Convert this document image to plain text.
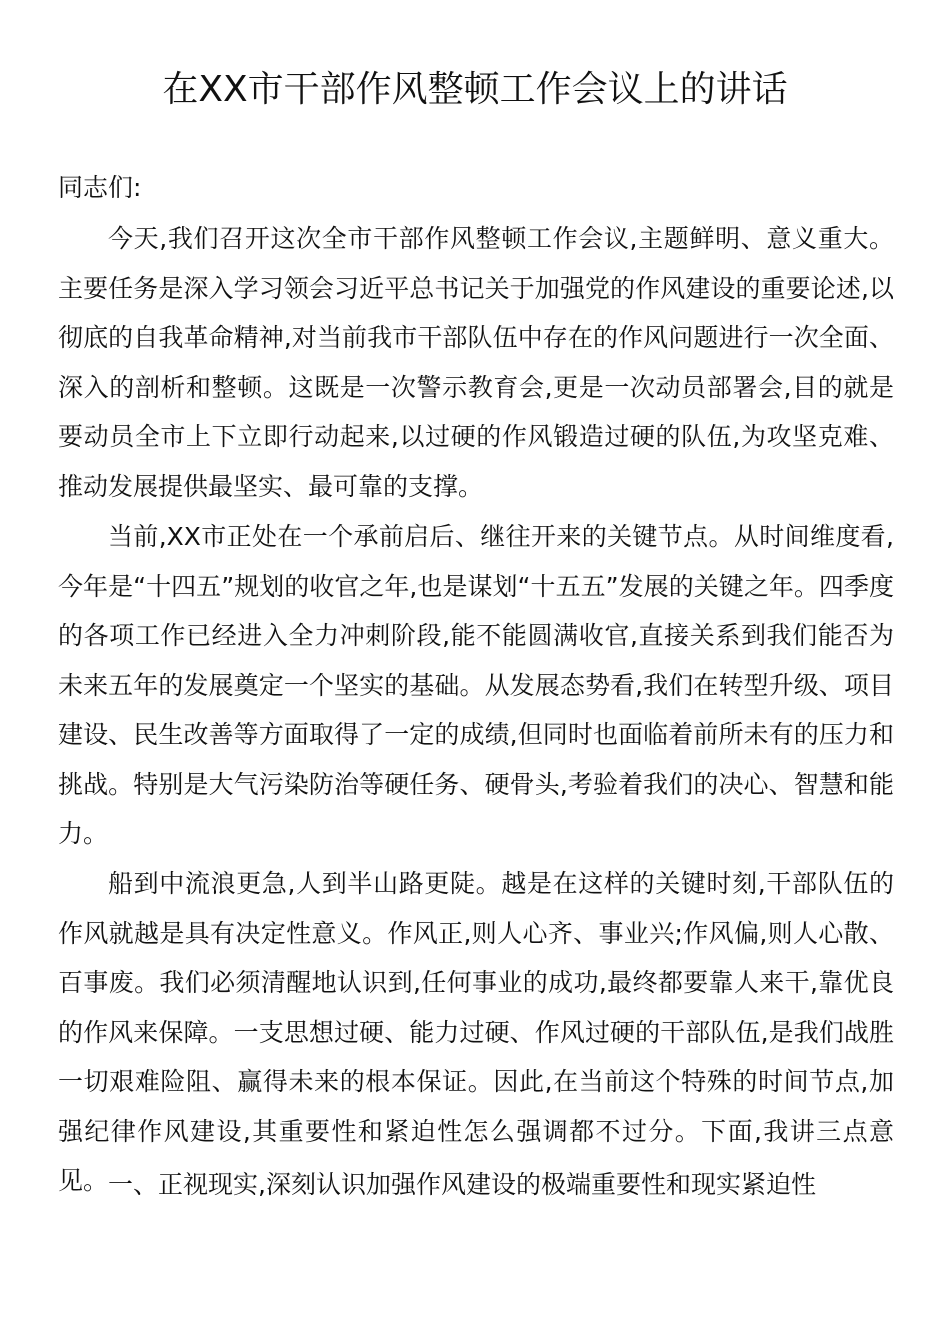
在XX市干部作风整顿工作会议上的讲话

同志们:

今天,我们召开这次全市干部作风整顿工作会议,主题鲜明、意义重大。主要任务是深入学习领会习近平总书记关于加强党的作风建设的重要论述,以彻底的自我革命精神,对当前我市干部队伍中存在的作风问题进行一次全面、深入的剖析和整顿。这既是一次警示教育会,更是一次动员部署会,目的就是要动员全市上下立即行动起来,以过硬的作风锻造过硬的队伍,为攻坚克难、推动发展提供最坚实、最可靠的支撑。

当前,XX市正处在一个承前启后、继往开来的关键节点。从时间维度看,今年是“十四五”规划的收官之年,也是谋划“十五五”发展的关键之年。四季度的各项工作已经进入全力冲刺阶段,能不能圆满收官,直接关系到我们能否为未来五年的发展奠定一个坚实的基础。从发展态势看,我们在转型升级、项目建设、民生改善等方面取得了一定的成绩,但同时也面临着前所未有的压力和挑战。特别是大气污染防治等硬任务、硬骨头,考验着我们的决心、智慧和能力。

船到中流浪更急,人到半山路更陡。越是在这样的关键时刻,干部队伍的作风就越是具有决定性意义。作风正,则人心齐、事业兴;作风偏,则人心散、百事废。我们必须清醒地认识到,任何事业的成功,最终都要靠人来干,靠优良的作风来保障。一支思想过硬、能力过硬、作风过硬的干部队伍,是我们战胜一切艰难险阻、赢得未来的根本保证。因此,在当前这个特殊的时间节点,加强纪律作风建设,其重要性和紧迫性怎么强调都不过分。下面,我讲三点意见。 一、正视现实,深刻认识加强作风建设的极端重要性和现实紧迫性
